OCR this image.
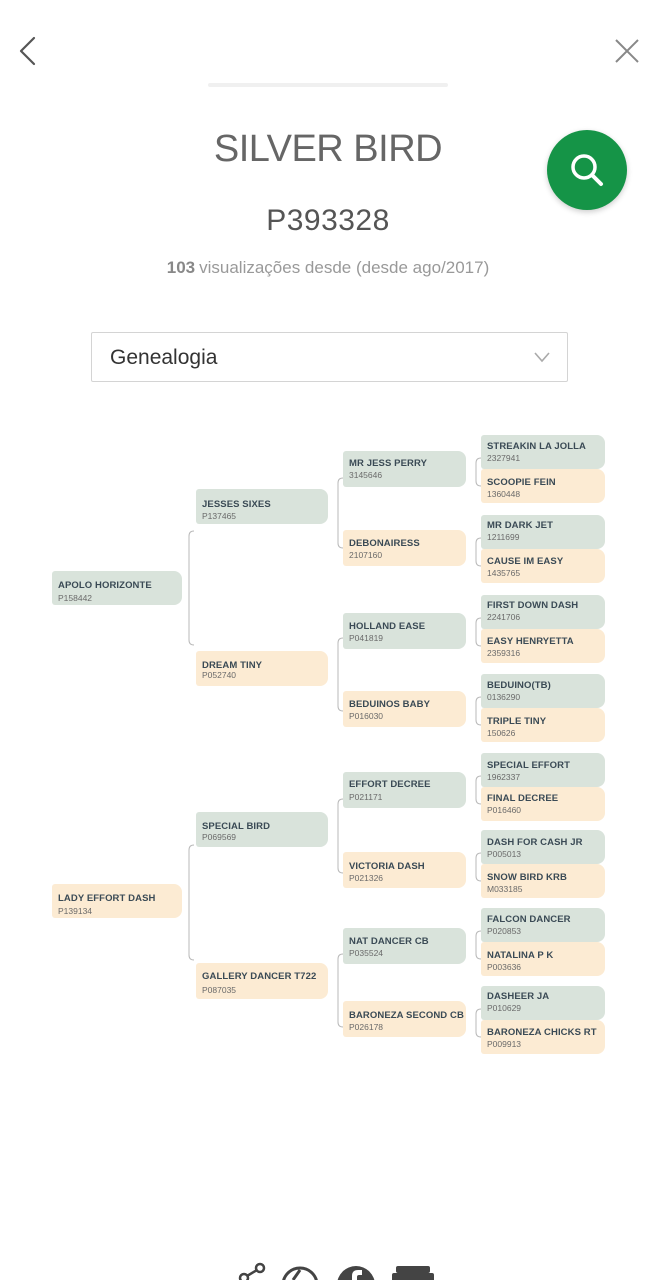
SILVER BIRD
P393328
103 visualizações desde (desde ago/2017)
Genealogia
APOLO HORIZONTE
P158442
JESSES SIXES
P137465
MR JESS PERRY
3145646
STREAKIN LA JOLLA
2327941
SCOOPIE FEIN
1360448
DEBONAIRESS
2107160
MR DARK JET
1211699
CAUSE IM EASY
1435765
DREAM TINY
P052740
HOLLAND EASE
P041819
FIRST DOWN DASH
2241706
EASY HENRYETTA
2359316
BEDUINOS BABY
P016030
BEDUINO(TB)
0136290
TRIPLE TINY
150626
LADY EFFORT DASH
P139134
SPECIAL BIRD
P069569
EFFORT DECREE
P021171
SPECIAL EFFORT
1962337
FINAL DECREE
P016460
VICTORIA DASH
P021326
DASH FOR CASH JR
P005013
SNOW BIRD KRB
M033185
GALLERY DANCER T722
P087035
NAT DANCER CB
P035524
FALCON DANCER
P020853
NATALINA P K
P003636
BARONEZA SECOND CB
P026178
DASHEER JA
P010629
BARONEZA CHICKS RT
P009913
